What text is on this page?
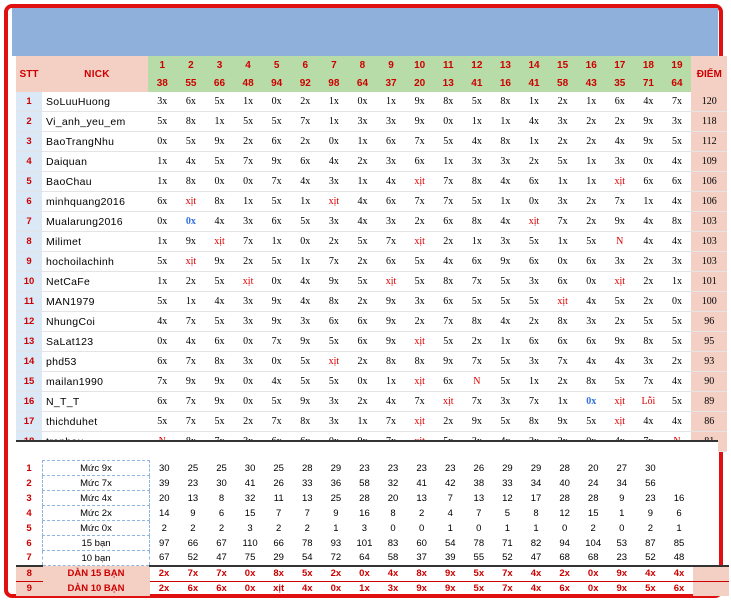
STT	NICK	1	2	3	4	5	6	7	8	9	10	11	12	13	14	15	16	17	18	19	ĐIỂM
		38	55	66	48	94	92	98	64	37	20	13	41	16	41	58	43	35	71	64	
1	SoLuuHuong	3x	6x	5x	1x	0x	2x	1x	0x	1x	9x	8x	5x	8x	1x	2x	1x	6x	4x	7x	120
2	Vi_anh_yeu_em	5x	8x	1x	5x	5x	7x	1x	3x	3x	9x	0x	1x	1x	4x	3x	2x	2x	9x	3x	118
3	BaoTrangNhu	0x	5x	9x	2x	6x	2x	0x	1x	6x	7x	5x	4x	8x	1x	2x	2x	4x	9x	5x	112
4	Daiquan	1x	4x	5x	7x	9x	6x	4x	2x	3x	6x	1x	3x	3x	2x	5x	1x	3x	0x	4x	109
5	BaoChau	1x	8x	0x	0x	7x	4x	3x	1x	4x	xịt	7x	8x	4x	6x	1x	1x	xịt	6x	6x	106
6	minhquang2016	6x	xịt	8x	1x	5x	1x	xịt	4x	6x	7x	7x	5x	1x	0x	3x	2x	7x	1x	4x	106
7	Mualarung2016	0x	0x	4x	3x	6x	5x	3x	4x	3x	2x	6x	8x	4x	xịt	7x	2x	9x	4x	8x	103
8	Milimet	1x	9x	xịt	7x	1x	0x	2x	5x	7x	xịt	2x	1x	3x	5x	1x	5x	N	4x	4x	103
9	hochoilachinh	5x	xịt	9x	2x	5x	1x	7x	2x	6x	5x	4x	6x	9x	6x	0x	6x	3x	2x	3x	103
10	NetCaFe	1x	2x	5x	xịt	0x	4x	9x	5x	xịt	5x	8x	7x	5x	3x	6x	0x	xịt	2x	1x	101
11	MAN1979	5x	1x	4x	3x	9x	4x	8x	2x	9x	3x	6x	5x	5x	5x	xịt	4x	5x	2x	0x	100
12	NhungCoi	4x	7x	5x	3x	9x	3x	6x	6x	9x	2x	7x	8x	4x	2x	8x	3x	2x	5x	5x	96
13	SaLat123	0x	4x	6x	0x	7x	9x	5x	6x	9x	xịt	5x	2x	1x	6x	6x	6x	9x	8x	5x	95
14	phd53	6x	7x	8x	3x	0x	5x	xịt	2x	8x	8x	9x	7x	5x	3x	7x	4x	4x	3x	2x	93
15	mailan1990	7x	9x	9x	0x	4x	5x	5x	0x	1x	xịt	6x	N	5x	1x	2x	8x	5x	7x	4x	90
16	N_T_T	6x	7x	9x	0x	5x	9x	3x	2x	4x	7x	xịt	7x	3x	7x	1x	0x	xịt	Lỗi	5x	89
17	thichduhet	5x	7x	5x	2x	7x	8x	3x	1x	7x	xịt	2x	9x	5x	8x	9x	5x	xịt	4x	4x	86

1	Mức 9x	30	25	25	30	25	28	29	23	23	23	23	26	29	29	28	20	27	30		
2	Mức 7x	39	23	30	41	26	33	36	58	32	41	42	38	33	34	40	24	34	56		
3	Mức 4x	20	13	8	32	11	13	25	28	20	13	7	13	12	17	28	28	9	23	16	
4	Mức 2x	14	9	6	15	7	7	9	16	8	2	4	7	5	8	12	15	1	9	6	
5	Mức 0x	2	2	2	3	2	2	1	3	0	0	1	0	1	1	0	2	0	2	1	
6	15 bạn	97	66	67	110	66	78	93	101	83	60	54	78	71	82	94	104	53	87	85	
7	10 bạn	67	52	47	75	29	54	72	64	58	37	39	55	52	47	68	68	23	52	48	
8	DÀN 15 BẠN	2x	7x	7x	0x	8x	5x	2x	0x	4x	8x	9x	5x	7x	4x	2x	0x	9x	4x	4x	
9	DÀN 10 BẠN	2x	6x	6x	0x	xịt	4x	0x	1x	3x	9x	9x	5x	7x	4x	6x	0x	9x	5x	6x	
